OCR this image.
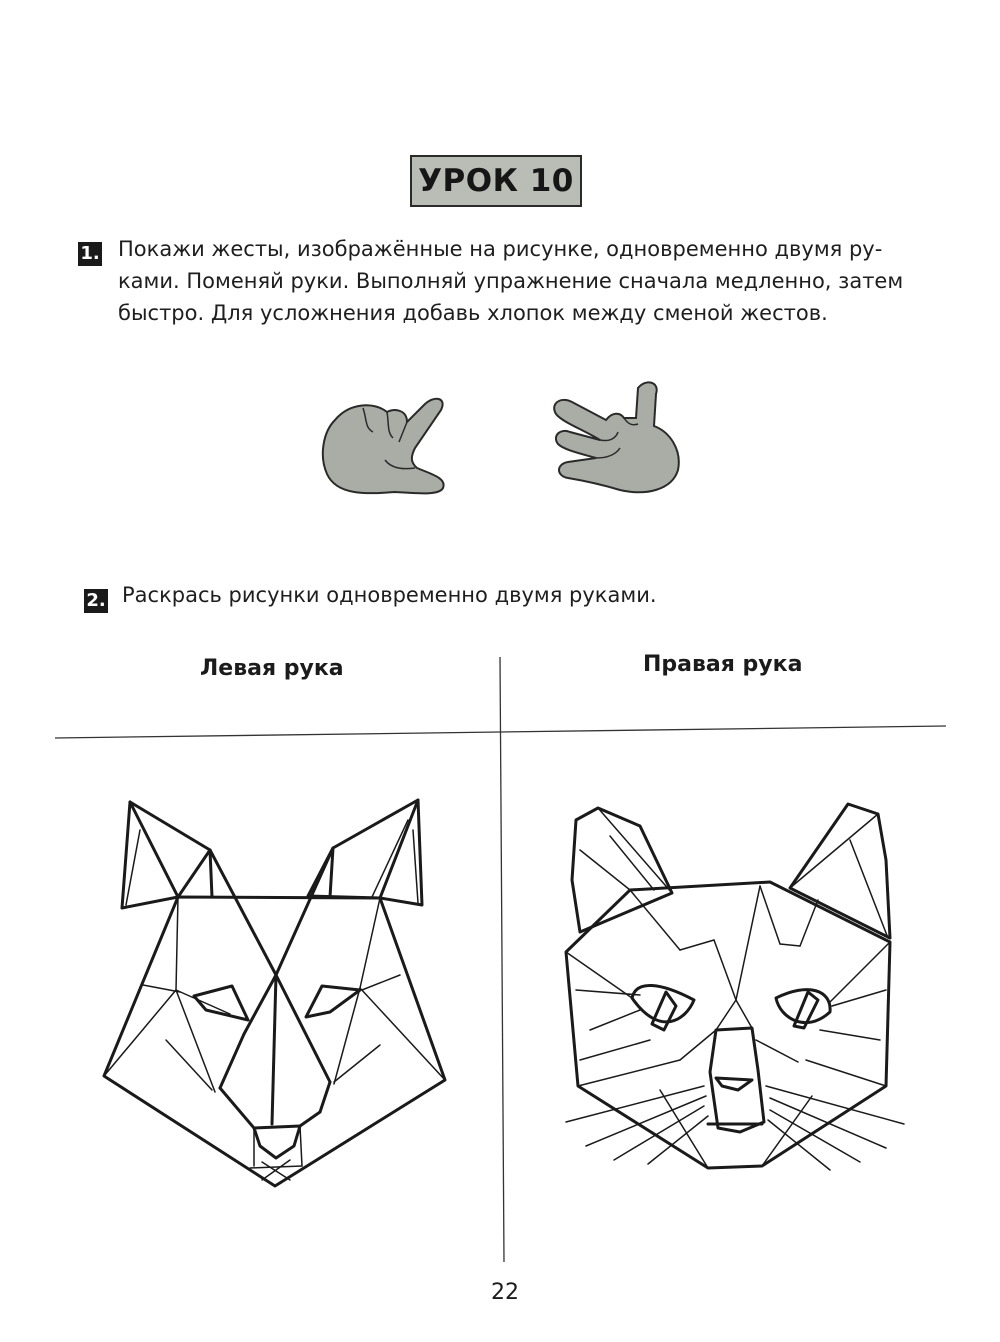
УРОК 10
1. Покажи жесты, изображённые на рисунке, одновременно двумя ру-
ками. Поменяй руки. Выполняй упражнение сначала медленно, затем
быстро. Для усложнения добавь хлопок между сменой жестов.
2. Раскрась рисунки одновременно двумя руками.
Левая рука	Правая рука
22
